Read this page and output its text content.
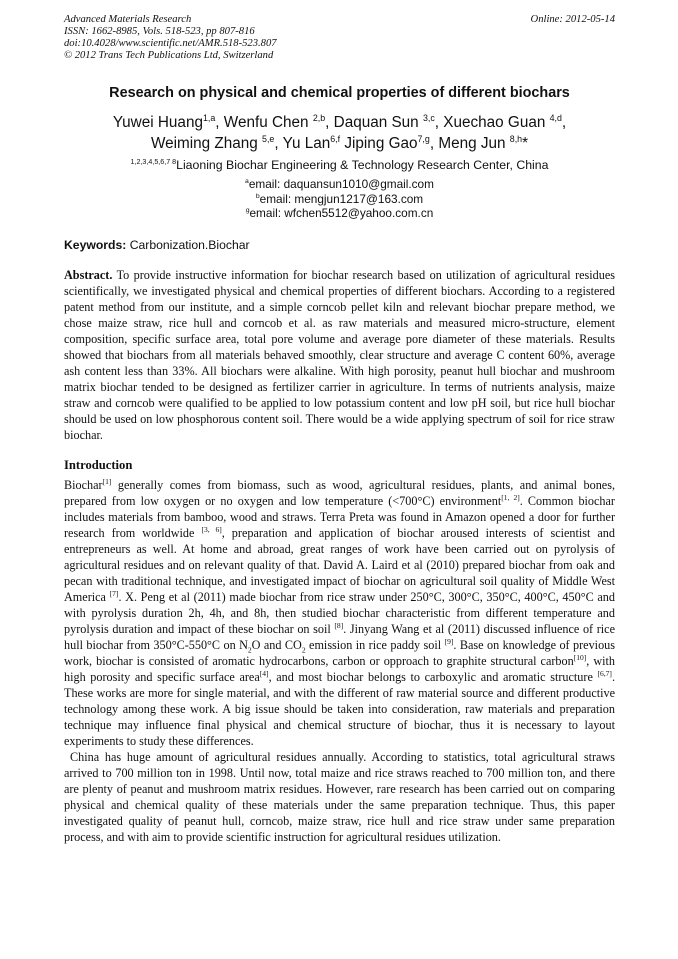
Advanced Materials Research
ISSN: 1662-8985, Vols. 518-523, pp 807-816
doi:10.4028/www.scientific.net/AMR.518-523.807
© 2012 Trans Tech Publications Ltd, Switzerland
Online: 2012-05-14
Research on physical and chemical properties of different biochars
Yuwei Huang$^{1,a}$, Wenfu Chen $^{2,b}$, Daquan Sun $^{3,c}$, Xuechao Guan $^{4,d}$,
Weiming Zhang $^{5,e}$, Yu Lan$^{6,f}$ Jiping Gao$^{7,g}$, Meng Jun $^{8,h}$*
$^{1,2,3,4,5,6,7 8}$Liaoning Biochar Engineering & Technology Research Center, China
$^a$email: daquansun1010@gmail.com
$^b$email: mengjun1217@163.com
$^g$email: wfchen5512@yahoo.com.cn
Keywords: Carbonization.Biochar

Abstract. To provide instructive information for biochar research based on utilization of agricultural residues scientifically, we investigated physical and chemical properties of different biochars. According to a registered patent method from our institute, and a simple corncob pellet kiln and relevant biochar prepare method, we chose maize straw, rice hull and corncob et al. as raw materials and measured micro-structure, element composition, specific surface area, total pore volume and average pore diameter of these materials. Results showed that biochars from all materials behaved smoothly, clear structure and average C content 60%, average ash content less than 33%. All biochars were alkaline. With high porosity, peanut hull biochar and mushroom matrix biochar tended to be designed as fertilizer carrier in agriculture. In terms of nutrients analysis, maize straw and corncob were qualified to be applied to low potassium content and low pH soil, but rice hull biochar should be used on low phosphorous content soil. There would be a wide applying spectrum of soil for rice straw biochar.

Introduction

Biochar[1] generally comes from biomass, such as wood, agricultural residues, plants, and animal bones, prepared from low oxygen or no oxygen and low temperature (<700°C) environment[1, 2]. Common biochar includes materials from bamboo, wood and straws. Terra Preta was found in Amazon opened a door for further research from worldwide [3, 6], preparation and application of biochar aroused interests of scientist and entrepreneurs as well. At home and abroad, great ranges of work have been carried out on pyrolysis of agricultural residues and on relevant quality of that. David A. Laird et al (2010) prepared biochar from oak and pecan with traditional technique, and investigated impact of biochar on agricultural soil quality of Middle West America [7]. X. Peng et al (2011) made biochar from rice straw under 250°C, 300°C, 350°C, 400°C, 450°C and with pyrolysis duration 2h, 4h, and 8h, then studied biochar characteristic from different temperature and pyrolysis duration and impact of these biochar on soil [8]. Jinyang Wang et al (2011) discussed influence of rice hull biochar from 350°C-550°C on $N_2O$ and $CO_2$ emission in rice paddy soil [9]. Base on knowledge of previous work, biochar is consisted of aromatic hydrocarbons, carbon or opproach to graphite structural carbon[10], with high porosity and specific surface area[4], and most biochar belongs to carboxylic and aromatic structure [6,7]. These works are more for single material, and with the different of raw material source and different productive technology among these work. A big issue should be taken into consideration, raw materials and preparation technique may influence final physical and chemical structure of biochar, thus it is necessary to layout experiments to study these differences.

China has huge amount of agricultural residues annually. According to statistics, total agricultural straws arrived to 700 million ton in 1998. Until now, total maize and rice straws reached to 700 million ton, and there are plenty of peanut and mushroom matrix residues. However, rare research has been carried out on comparing physical and chemical quality of these materials under the same preparation technique. Thus, this paper investigated quality of peanut hull, corncob, maize straw, rice hull and rice straw under same preparation process, and with aim to provide scientific instruction for agricultural residues utilization.
